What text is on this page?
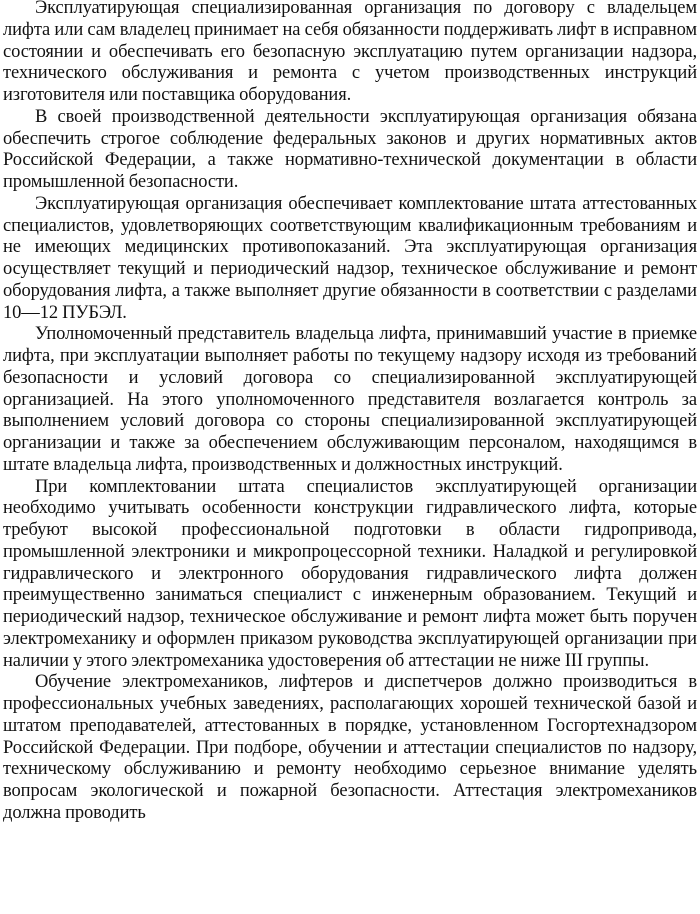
Эксплуатирующая специализированная организация по договору с владельцем лифта или сам владелец принимает на себя обязанности поддерживать лифт в исправном состоянии и обеспечивать его безопасную эксплуатацию путем организации надзора, технического обслуживания и ремонта с учетом производственных инструкций изготовителя или поставщика оборудования.

В своей производственной деятельности эксплуатирующая организация обязана обеспечить строгое соблюдение федеральных законов и других нормативных актов Российской Федерации, а также нормативно-технической документации в области промышленной безопасности.

Эксплуатирующая организация обеспечивает комплектование штата аттестованных специалистов, удовлетворяющих соответствующим квалификационным требованиям и не имеющих медицинских противопоказаний. Эта эксплуатирующая организация осуществляет текущий и периодический надзор, техническое обслуживание и ремонт оборудования лифта, а также выполняет другие обязанности в соответствии с разделами 10—12 ПУБЭЛ.

Уполномоченный представитель владельца лифта, принимавший участие в приемке лифта, при эксплуатации выполняет работы по текущему надзору исходя из требований безопасности и условий договора со специализированной эксплуатирующей организацией. На этого уполномоченного представителя возлагается контроль за выполнением условий договора со стороны специализированной эксплуатирующей организации и также за обеспечением обслуживающим персоналом, находящимся в штате владельца лифта, производственных и должностных инструкций.

При комплектовании штата специалистов эксплуатирующей организации необходимо учитывать особенности конструкции гидравлического лифта, которые требуют высокой профессиональной подготовки в области гидропривода, промышленной электроники и микропроцессорной техники. Наладкой и регулировкой гидравлического и электронного оборудования гидравлического лифта должен преимущественно заниматься специалист с инженерным образованием. Текущий и периодический надзор, техническое обслуживание и ремонт лифта может быть поручен электромеханику и оформлен приказом руководства эксплуатирующей организации при наличии у этого электромеханика удостоверения об аттестации не ниже III группы.

Обучение электромехаников, лифтеров и диспетчеров должно производиться в профессиональных учебных заведениях, располагающих хорошей технической базой и штатом преподавателей, аттестованных в порядке, установленном Госгортехнадзором Российской Федерации. При подборе, обучении и аттестации специалистов по надзору, техническому обслуживанию и ремонту необходимо серьезное внимание уделять вопросам экологической и пожарной безопасности. Аттестация электромехаников должна проводить
